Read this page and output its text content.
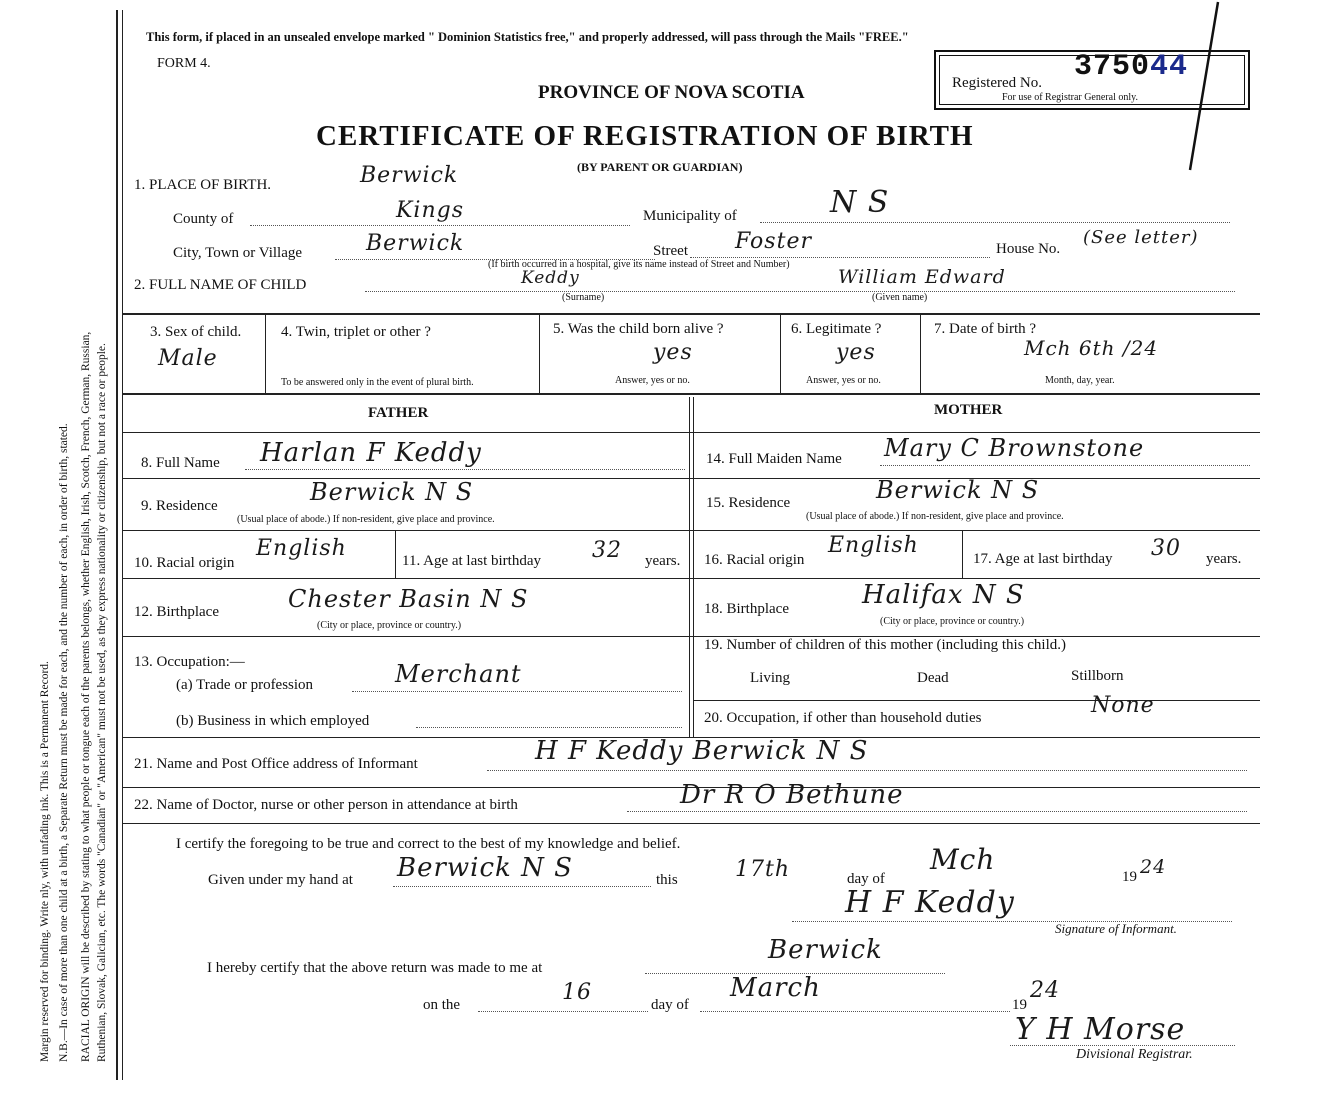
Margin reserved for binding. Write nly, with unfading ink. This is a Permanent Record. N.B.—In case of more than one child at a birth, a Separate Return must be made for each, and the number of each, in order of birth, stated. RACIAL ORIGIN will be described by stating to what people or tongue each of the parents belongs, whether English, Irish, Scotch, French, German, Russian, Ruthenian, Slovak, Galician, etc. The words "Canadian" or "American" must not be used, as they express nationality or citizenship, but not a race or people.
This form, if placed in an unsealed envelope marked " Dominion Statistics free," and properly addressed, will pass through the Mails "FREE."
FORM 4.
PROVINCE OF NOVA SCOTIA
CERTIFICATE OF REGISTRATION OF BIRTH
(BY PARENT OR GUARDIAN)
Registered No. 375044
For use of Registrar General only.
1. PLACE OF BIRTH.	Berwick
County of	Kings	Municipality of	N S
City, Town or Village	Berwick	Street Foster	House No.
(See letter)
(If birth occurred in a hospital, give its name instead of Street and Number)
2. FULL NAME OF CHILD	Keddy
(Surname)
William Edward
(Given name)
3. Sex of child.
Male
4. Twin, triplet or other ?
To be answered only in the event of plural birth.
5. Was the child born alive ?
yes
Answer, yes or no.
6. Legitimate ?
yes
Answer, yes or no.
7. Date of birth ?
Mch 6th /24
Month, day, year.
FATHER	MOTHER
8. Full Name Harlan F Keddy
9. Residence	Berwick N S
(Usual place of abode.) If non-resident, give place and province.
10. Racial origin
English	11. Age at last birthday 32 years.
12. Birthplace	Chester Basin N S
(City or place, province or country.)
13. Occupation:—
(a) Trade or profession	Merchant
(b) Business in which employed
14. Full Maiden Name Mary C Brownstone
15. Residence	Berwick N S
(Usual place of abode.) If non-resident, give place and province.
16. Racial origin
English
17. Age at last birthday 30 years.
18. Birthplace	Halifax N S
(City or place, province or country.)
19. Number of children of this mother (including this child.)
Living	Dead	Stillborn
20. Occupation, if other than household duties	None
21. Name and Post Office address of Informant	H F Keddy Berwick N S
22. Name of Doctor, nurse or other person in attendance at birth	Dr R O Bethune
I certify the foregoing to be true and correct to the best of my knowledge and belief.
Given under my hand at Berwick N S	this	17th	day of
Mch
19 24
H F Keddy
Signature of Informant.
Berwick
I hereby certify that the above return was made to me at
on the	16	day of
March
19
24
Y H Morse
Divisional Registrar.
